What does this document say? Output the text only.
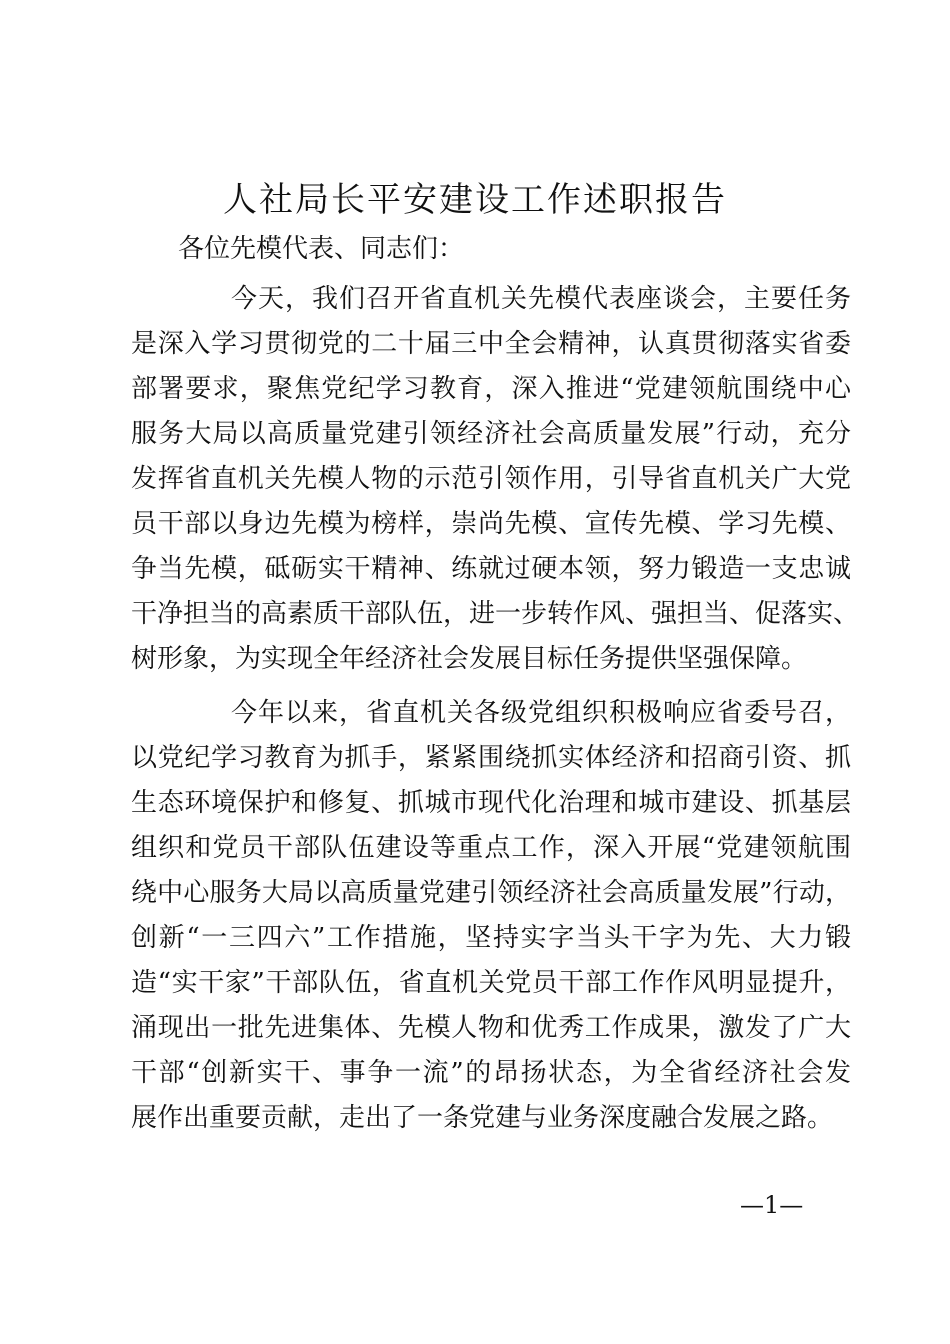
人社局长平安建设工作述职报告

各位先模代表、同志们：

今天，我们召开省直机关先模代表座谈会，主要任务
是深入学习贯彻党的二十届三中全会精神，认真贯彻落实省委
部署要求，聚焦党纪学习教育，深入推进“党建领航围绕中心
服务大局以高质量党建引领经济社会高质量发展”行动，充分
发挥省直机关先模人物的示范引领作用，引导省直机关广大党
员干部以身边先模为榜样，崇尚先模、宣传先模、学习先模、
争当先模，砥砺实干精神、练就过硬本领，努力锻造一支忠诚
干净担当的高素质干部队伍，进一步转作风、强担当、促落实、
树形象，为实现全年经济社会发展目标任务提供坚强保障。
今年以来，省直机关各级党组织积极响应省委号召，
以党纪学习教育为抓手，紧紧围绕抓实体经济和招商引资、抓
生态环境保护和修复、抓城市现代化治理和城市建设、抓基层
组织和党员干部队伍建设等重点工作，深入开展“党建领航围
绕中心服务大局以高质量党建引领经济社会高质量发展”行动，
创新“一三四六”工作措施，坚持实字当头干字为先、大力锻
造“实干家”干部队伍，省直机关党员干部工作作风明显提升，
涌现出一批先进集体、先模人物和优秀工作成果，激发了广大
干部“创新实干、事争一流”的昂扬状态，为全省经济社会发
展作出重要贡献，走出了一条党建与业务深度融合发展之路。
—1—
